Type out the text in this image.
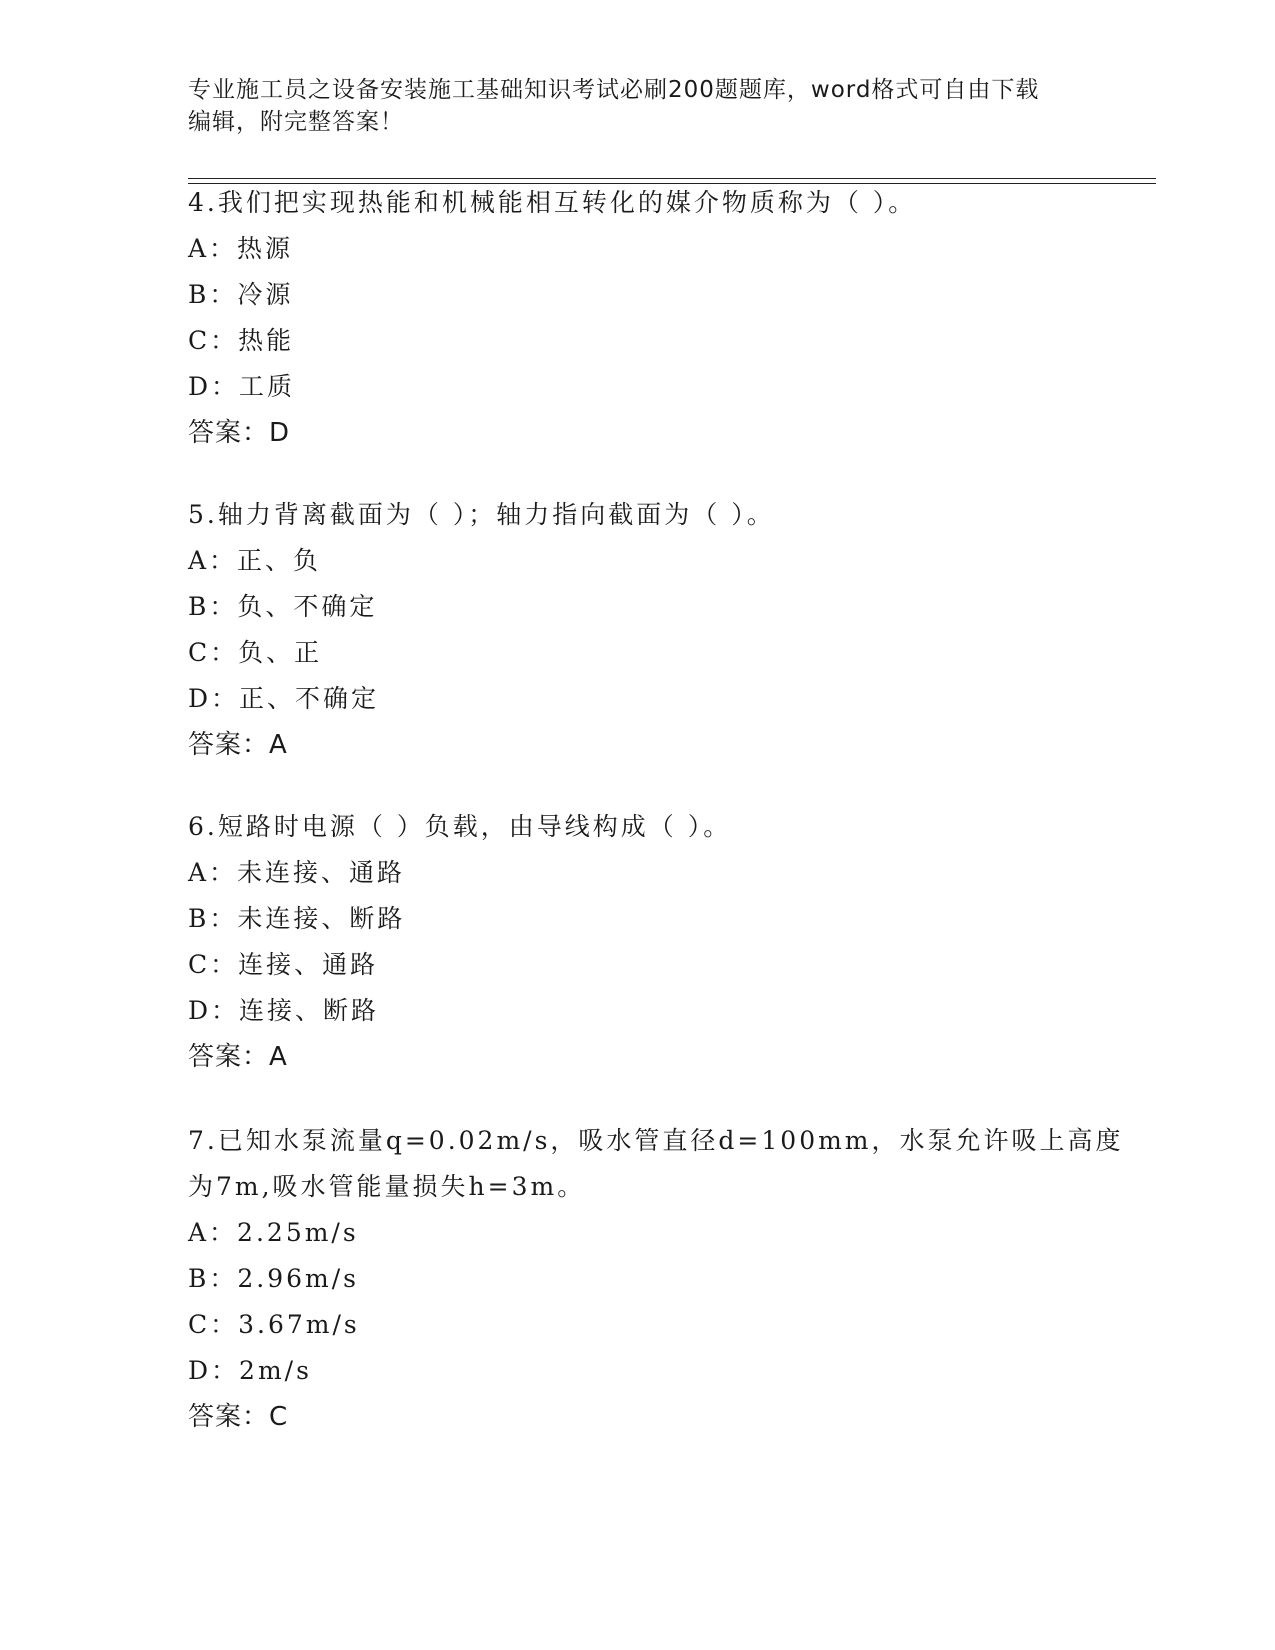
专业施工员之设备安装施工基础知识考试必刷200题题库，word格式可自由下载
编辑，附完整答案！
4.我们把实现热能和机械能相互转化的媒介物质称为（ ）。
A：热源
B：冷源
C：热能
D：工质
答案：D
5.轴力背离截面为（ ）；轴力指向截面为（ ）。
A：正、负
B：负、不确定
C：负、正
D：正、不确定
答案：A
6.短路时电源（ ）负载，由导线构成（ ）。
A：未连接、通路
B：未连接、断路
C：连接、通路
D：连接、断路
答案：A
7.已知水泵流量q=0.02m/s，吸水管直径d=100mm，水泵允许吸上高度
为7m,吸水管能量损失h=3m。
A：2.25m/s
B：2.96m/s
C：3.67m/s
D：2m/s
答案：C
